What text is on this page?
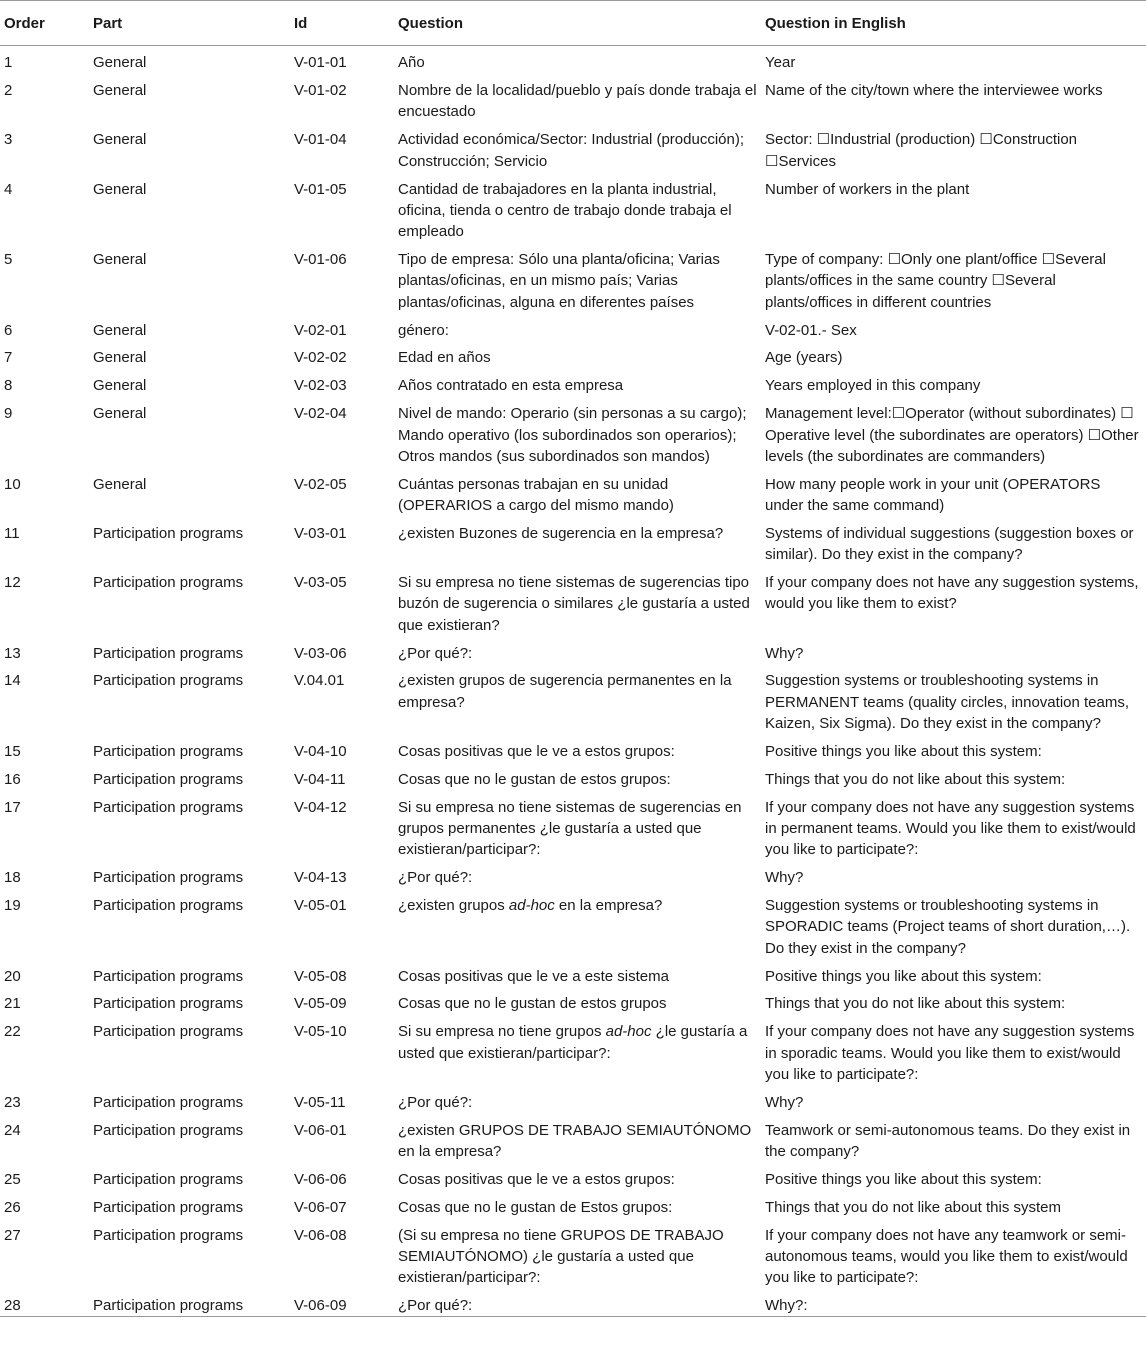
Order	Part	Id	Question	Question in English
1	General	V-01-01	Año	Year
2	General	V-01-02	Nombre de la localidad/pueblo y país donde trabaja el encuestado	Name of the city/town where the interviewee works
3	General	V-01-04	Actividad económica/Sector: Industrial (producción); Construcción; Servicio	Sector: ☐Industrial (production) ☐Construction ☐Services
4	General	V-01-05	Cantidad de trabajadores en la planta industrial, oficina, tienda o centro de trabajo donde trabaja el empleado	Number of workers in the plant
5	General	V-01-06	Tipo de empresa: Sólo una planta/oficina; Varias plantas/oficinas, en un mismo país; Varias plantas/oficinas, alguna en diferentes países	Type of company: ☐Only one plant/office ☐Several plants/offices in the same country ☐Several plants/offices in different countries
6	General	V-02-01	género:	V-02-01.- Sex
7	General	V-02-02	Edad en años	Age (years)
8	General	V-02-03	Años contratado en esta empresa	Years employed in this company
9	General	V-02-04	Nivel de mando: Operario (sin personas a su cargo); Mando operativo (los subordinados son operarios); Otros mandos (sus subordinados son mandos)	Management level:☐Operator (without subordinates) ☐ Operative level (the subordinates are operators) ☐Other levels (the subordinates are commanders)
10	General	V-02-05	Cuántas personas trabajan en su unidad (OPERARIOS a cargo del mismo mando)	How many people work in your unit (OPERATORS under the same command)
11	Participation programs	V-03-01	¿existen Buzones de sugerencia en la empresa?	Systems of individual suggestions (suggestion boxes or similar). Do they exist in the company?
12	Participation programs	V-03-05	Si su empresa no tiene sistemas de sugerencias tipo buzón de sugerencia o similares ¿le gustaría a usted que existieran?	If your company does not have any suggestion systems, would you like them to exist?
13	Participation programs	V-03-06	¿Por qué?:	Why?
14	Participation programs	V.04.01	¿existen grupos de sugerencia permanentes en la empresa?	Suggestion systems or troubleshooting systems in PERMANENT teams (quality circles, innovation teams, Kaizen, Six Sigma). Do they exist in the company?
15	Participation programs	V-04-10	Cosas positivas que le ve a estos grupos:	Positive things you like about this system:
16	Participation programs	V-04-11	Cosas que no le gustan de estos grupos:	Things that you do not like about this system:
17	Participation programs	V-04-12	Si su empresa no tiene sistemas de sugerencias en grupos permanentes ¿le gustaría a usted que existieran/participar?:	If your company does not have any suggestion systems in permanent teams. Would you like them to exist/would you like to participate?:
18	Participation programs	V-04-13	¿Por qué?:	Why?
19	Participation programs	V-05-01	¿existen grupos ad-hoc en la empresa?	Suggestion systems or troubleshooting systems in SPORADIC teams (Project teams of short duration,…). Do they exist in the company?
20	Participation programs	V-05-08	Cosas positivas que le ve a este sistema	Positive things you like about this system:
21	Participation programs	V-05-09	Cosas que no le gustan de estos grupos	Things that you do not like about this system:
22	Participation programs	V-05-10	Si su empresa no tiene grupos ad-hoc ¿le gustaría a usted que existieran/participar?:	If your company does not have any suggestion systems in sporadic teams. Would you like them to exist/would you like to participate?:
23	Participation programs	V-05-11	¿Por qué?:	Why?
24	Participation programs	V-06-01	¿existen GRUPOS DE TRABAJO SEMIAUTÓNOMO en la empresa?	Teamwork or semi-autonomous teams. Do they exist in the company?
25	Participation programs	V-06-06	Cosas positivas que le ve a estos grupos:	Positive things you like about this system:
26	Participation programs	V-06-07	Cosas que no le gustan de Estos grupos:	Things that you do not like about this system
27	Participation programs	V-06-08	(Si su empresa no tiene GRUPOS DE TRABAJO SEMIAUTÓNOMO) ¿le gustaría a usted que existieran/participar?:	If your company does not have any teamwork or semi-autonomous teams, would you like them to exist/would you like to participate?:
28	Participation programs	V-06-09	¿Por qué?:	Why?:
